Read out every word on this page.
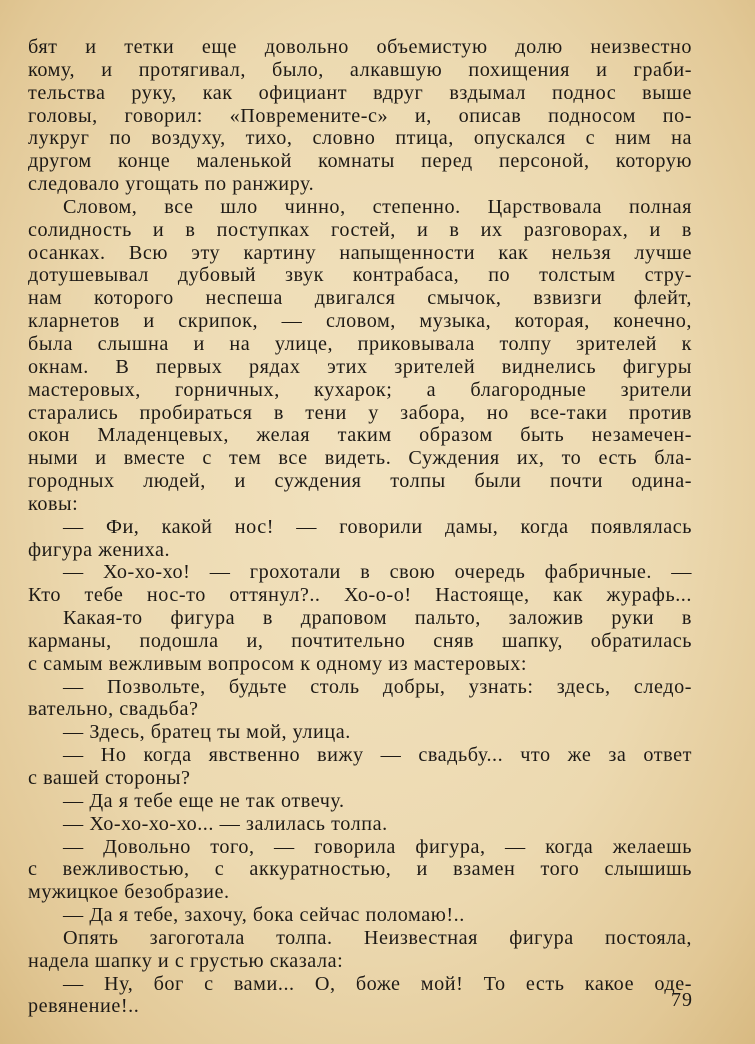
бят и тетки еще довольно объемистую долю неизвестно

кому, и протягивал, было, алкавшую похищения и граби-

тельства руку, как официант вдруг вздымал поднос выше

головы, говорил: «Повремените-с» и, описав подносом по-

лукруг по воздуху, тихо, словно птица, опускался с ним на

другом конце маленькой комнаты перед персоной, которую

следовало угощать по ранжиру.

Словом, все шло чинно, степенно. Царствовала полная

солидность и в поступках гостей, и в их разговорах, и в

осанках. Всю эту картину напыщенности как нельзя лучше

дотушевывал дубовый звук контрабаса, по толстым стру-

нам которого неспеша двигался смычок, взвизги флейт,

кларнетов и скрипок, — словом, музыка, которая, конечно,

была слышна и на улице, приковывала толпу зрителей к

окнам. В первых рядах этих зрителей виднелись фигуры

мастеровых, горничных, кухарок; а благородные зрители

старались пробираться в тени у забора, но все-таки против

окон Младенцевых, желая таким образом быть незамечен-

ными и вместе с тем все видеть. Суждения их, то есть бла-

городных людей, и суждения толпы были почти одина-

ковы:

— Фи, какой нос! — говорили дамы, когда появлялась

фигура жениха.

— Хо-хо-хо! — грохотали в свою очередь фабричные. —

Кто тебе нос-то оттянул?.. Хо-о-о! Настояще, как журафь...

Какая-то фигура в драповом пальто, заложив руки в

карманы, подошла и, почтительно сняв шапку, обратилась

с самым вежливым вопросом к одному из мастеровых:

— Позвольте, будьте столь добры, узнать: здесь, следо-

вательно, свадьба?

— Здесь, братец ты мой, улица.

— Но когда явственно вижу — свадьбу... что же за ответ

с вашей стороны?

— Да я тебе еще не так отвечу.

— Хо-хо-хо-хо... — залилась толпа.

— Довольно того, — говорила фигура, — когда желаешь

с вежливостью, с аккуратностью, и взамен того слышишь

мужицкое безобразие.

— Да я тебе, захочу, бока сейчас поломаю!..

Опять загоготала толпа. Неизвестная фигура постояла,

надела шапку и с грустью сказала:

— Ну, бог с вами... О, боже мой! То есть какое оде-

ревянение!..	79
